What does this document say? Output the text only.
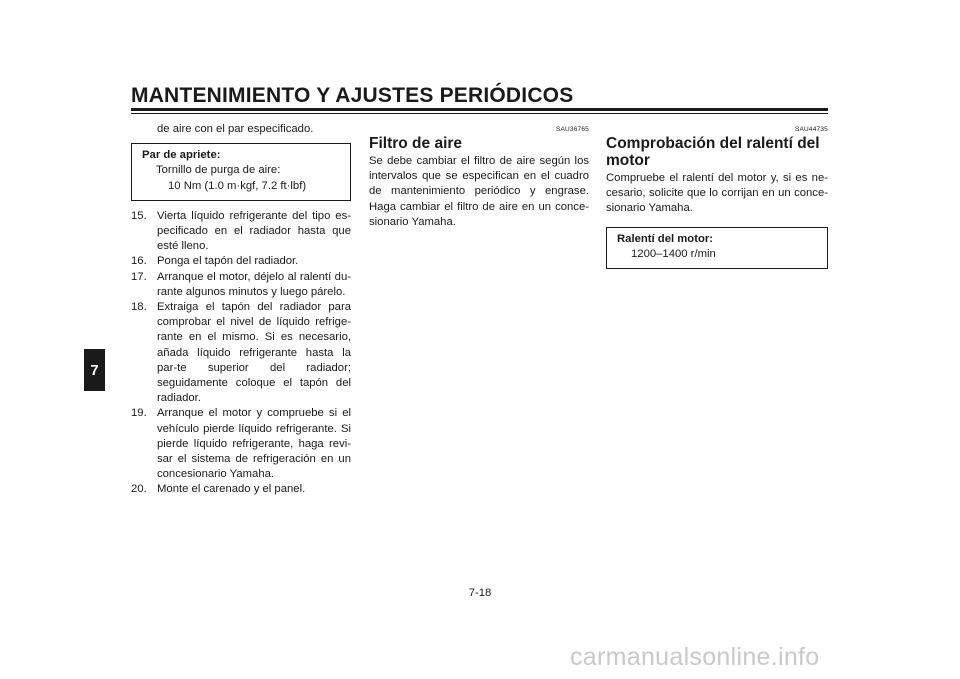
MANTENIMIENTO Y AJUSTES PERIÓDICOS
7
de aire con el par especificado.
Par de apriete:
Tornillo de purga de aire:
10 Nm (1.0 m·kgf, 7.2 ft·lbf)
15. Vierta líquido refrigerante del tipo es-pecificado en el radiador hasta que esté lleno.
16. Ponga el tapón del radiador.
17. Arranque el motor, déjelo al ralentí du-rante algunos minutos y luego párelo.
18. Extraiga el tapón del radiador para comprobar el nivel de líquido refrige-rante en el mismo. Si es necesario, añada líquido refrigerante hasta la par-te superior del radiador; seguidamente coloque el tapón del radiador.
19. Arranque el motor y compruebe si el vehículo pierde líquido refrigerante. Si pierde líquido refrigerante, haga revi-sar el sistema de refrigeración en un concesionario Yamaha.
20. Monte el carenado y el panel.
SAU36765
Filtro de aire
Se debe cambiar el filtro de aire según los intervalos que se especifican en el cuadro de mantenimiento periódico y engrase. Haga cambiar el filtro de aire en un conce-sionario Yamaha.
SAU44735
Comprobación del ralentí del motor
Compruebe el ralentí del motor y, si es ne-cesario, solicite que lo corrijan en un conce-sionario Yamaha.
Ralentí del motor:
1200–1400 r/min
7-18
carmanualsonline.info
